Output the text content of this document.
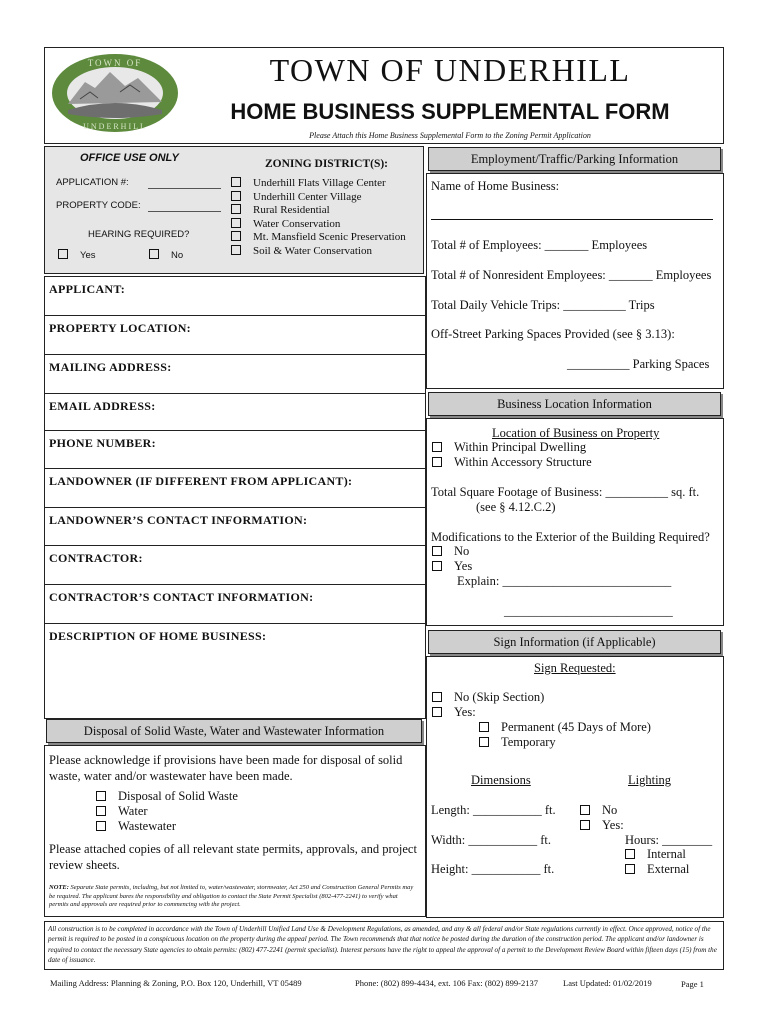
TOWN OF
UNDERHILL
TOWN OF UNDERHILL
HOME BUSINESS SUPPLEMENTAL FORM
Please Attach this Home Business Supplemental Form to the Zoning Permit Application
OFFICE USE ONLY
APPLICATION #:
PROPERTY CODE:
HEARING REQUIRED?
Yes	No
ZONING DISTRICT(S):
Underhill Flats Village Center
Underhill Center Village
Rural Residential
Water Conservation
Mt. Mansfield Scenic Preservation
Soil & Water Conservation
APPLICANT:
PROPERTY LOCATION:
MAILING ADDRESS:
EMAIL ADDRESS:
PHONE NUMBER:
LANDOWNER (IF DIFFERENT FROM APPLICANT):
LANDOWNER’S CONTACT INFORMATION:
CONTRACTOR:
CONTRACTOR’S CONTACT INFORMATION:
DESCRIPTION OF HOME BUSINESS:
Disposal of Solid Waste, Water and Wastewater Information
Please acknowledge if provisions have been made for disposal of solid waste, water and/or wastewater have been made.
Disposal of Solid Waste
Water
Wastewater
Please attached copies of all relevant state permits, approvals, and project review sheets.
NOTE: Separate State permits, including, but not limited to, water/wastewater, stormwater, Act 250 and Construction General Permits may be required. The applicant bares the responsibility and obligation to contact the State Permit Specialist (802-477-2241) to verify what permits and approvals are required prior to commencing with the project.
Employment/Traffic/Parking Information
Name of Home Business:
Total # of Employees: _______ Employees
Total # of Nonresident Employees: _______ Employees
Total Daily Vehicle Trips: __________ Trips
Off-Street Parking Spaces Provided (see § 3.13):
__________ Parking Spaces
Business Location Information
Location of Business on Property
Within Principal Dwelling
Within Accessory Structure
Total Square Footage of Business: __________ sq. ft.
(see § 4.12.C.2)
Modifications to the Exterior of the Building Required?
No
Yes
Explain: ___________________________
___________________________
Sign Information (if Applicable)
Sign Requested:
No (Skip Section)
Yes:
Permanent (45 Days of More)
Temporary
Dimensions	Lighting
Length: ___________ ft.
Width: ___________ ft.
Height: ___________ ft.
No
Yes:
Hours: ________
Internal
External
All construction is to be completed in accordance with the Town of Underhill Unified Land Use & Development Regulations, as amended, and any & all federal and/or State regulations currently in effect. Once approved, notice of the permit is required to be posted in a conspicuous location on the property during the appeal period. The Town recommends that that notice be posted during the duration of the construction period. The applicant and/or landowner is required to contact the necessary State agencies to obtain permits: (802) 477-2241 (permit specialist). Interest persons have the right to appeal the approval of a permit to the Development Review Board within fifteen days (15) from the date of issuance.
Mailing Address: Planning & Zoning, P.O. Box 120, Underhill, VT 05489	Phone: (802) 899-4434, ext. 106 Fax: (802) 899-2137	Last Updated: 01/02/2019	Page 1
